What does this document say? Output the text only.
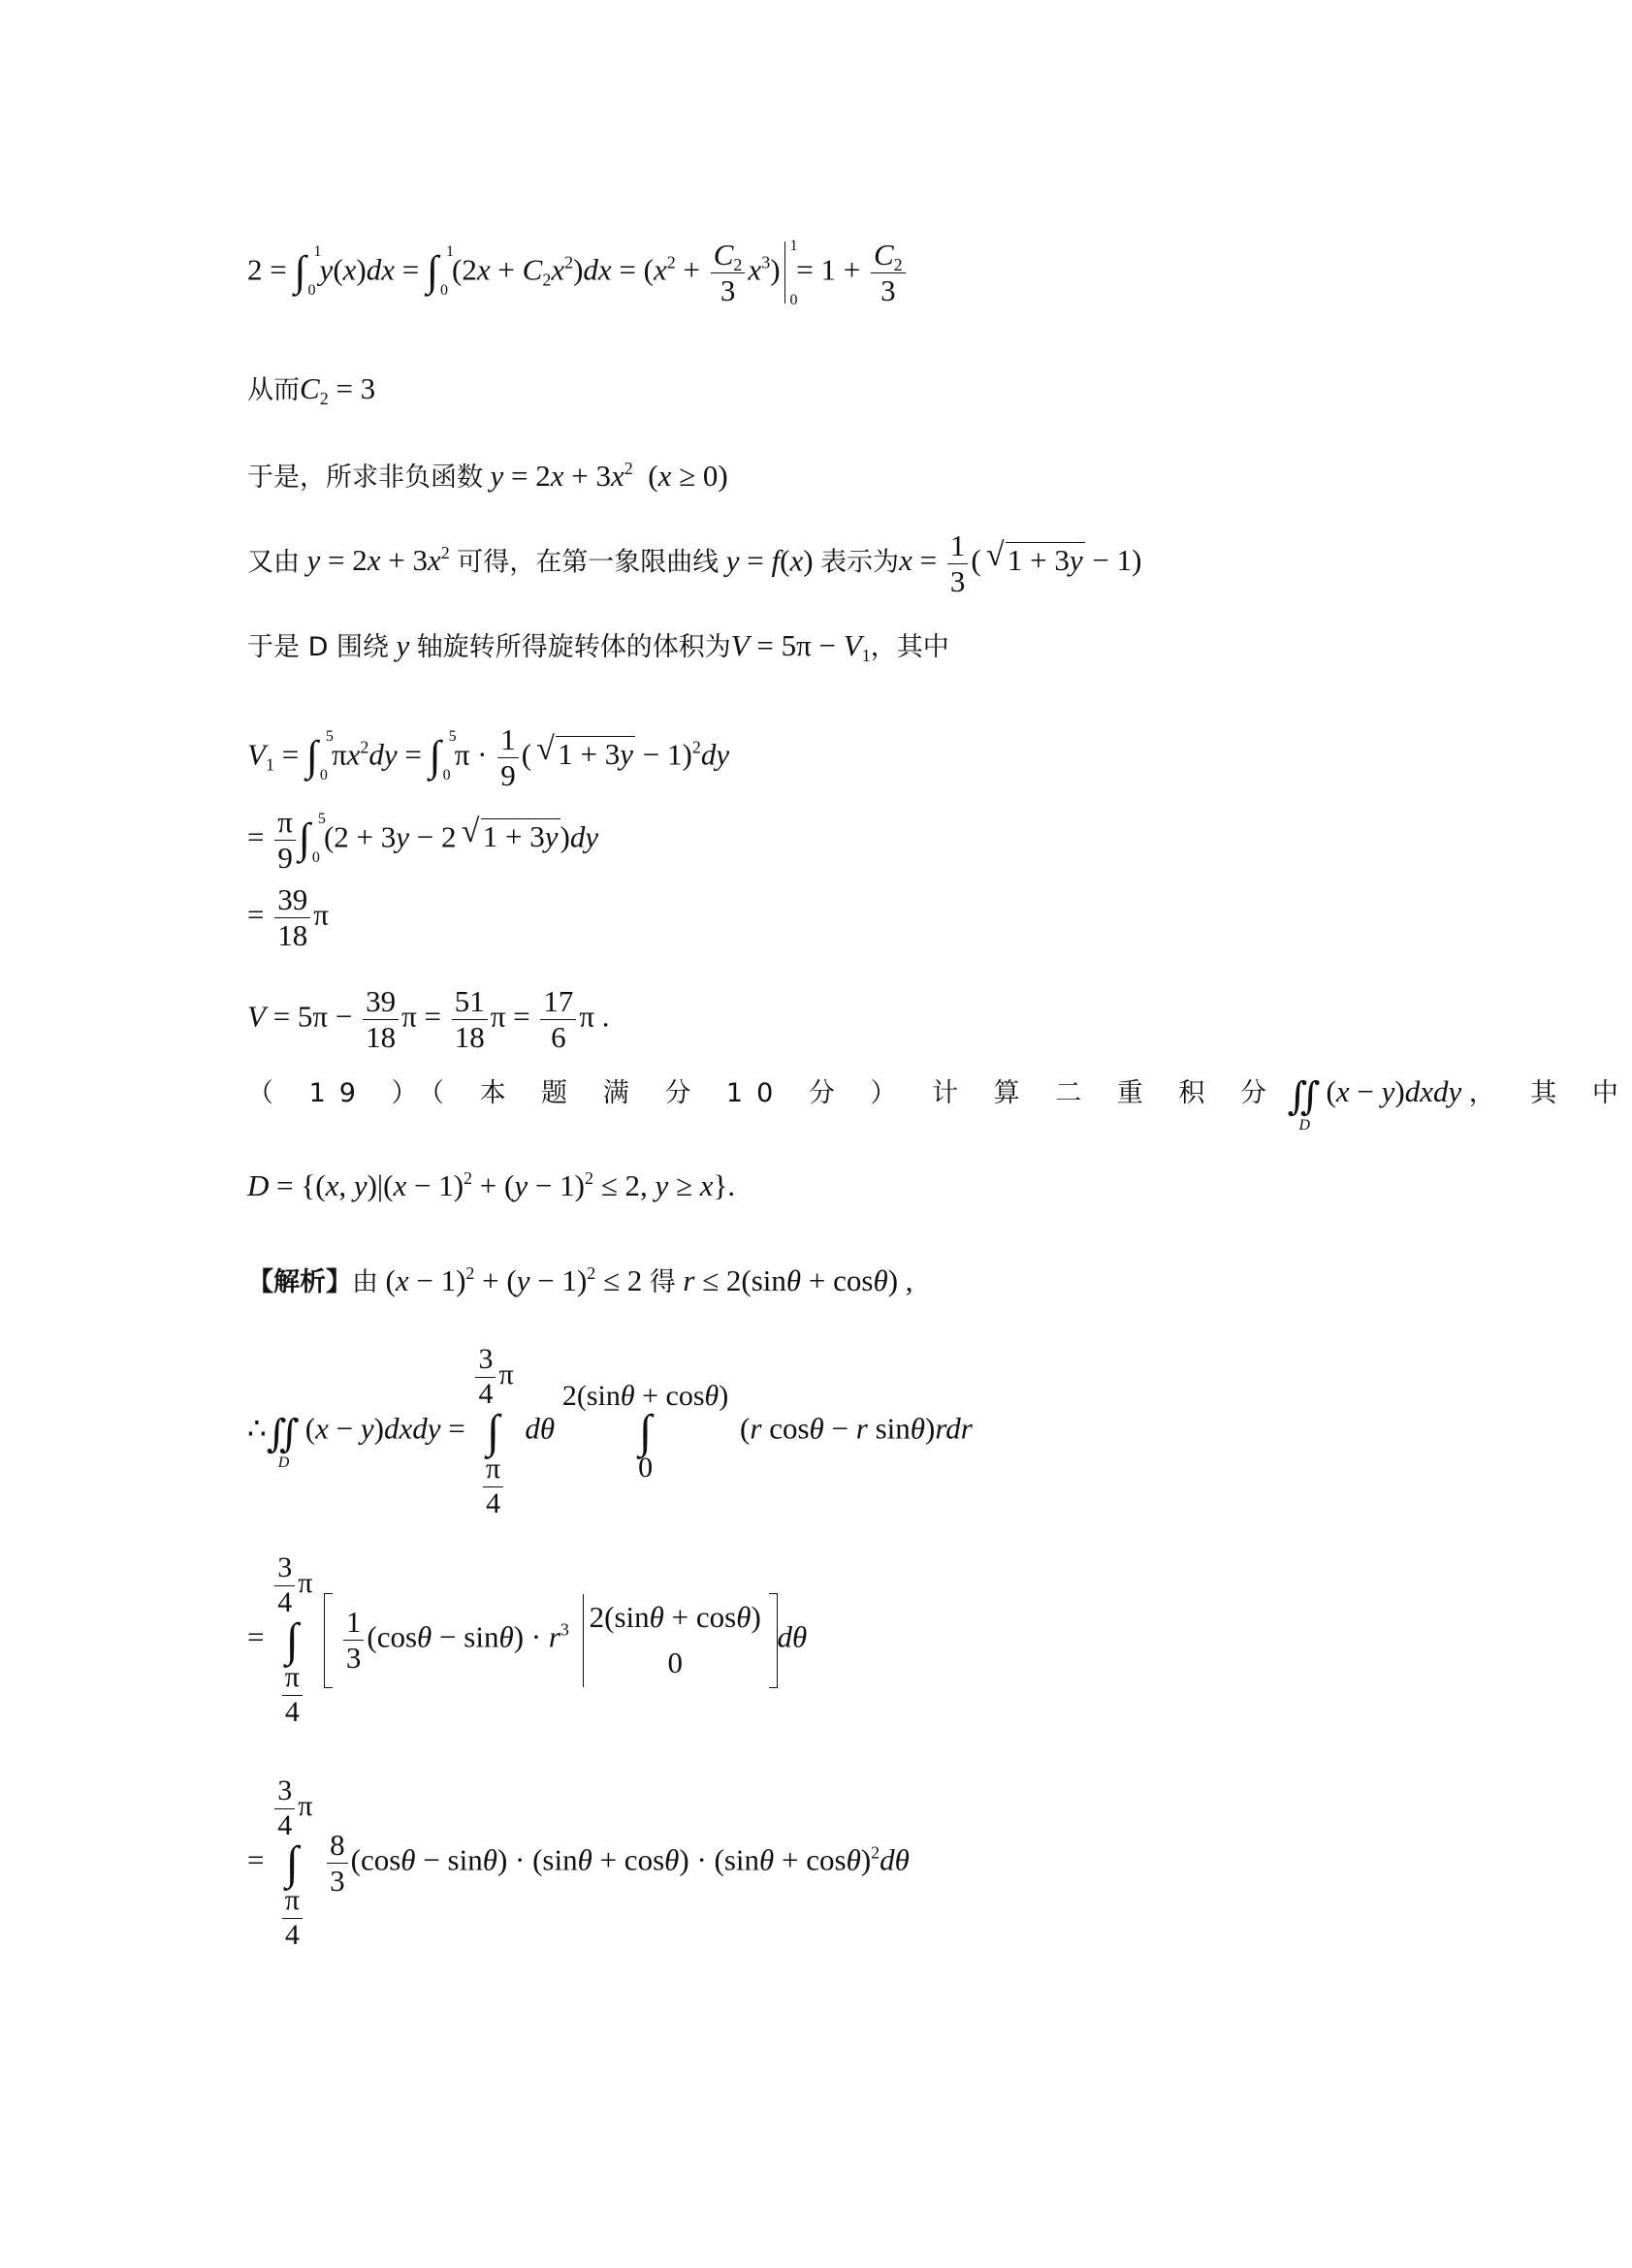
2 = ∫ 1
0
y(x)dx = ∫ 1
0
$(2x + C_2x^2)dx = (x^2 + \frac{C_2}{3} x^3)$
1
0
= $1 + \frac{C_2}{3}$
从而$C_2 = 3$
于是，所求非负函数 $y = 2x + 3x^2$  (x ≥ 0)
又由 $y = 2x + 3x^2$ 可得，在第一象限曲线 y = f(x) 表示为$x = \frac{1}{3}$ (   √ 1 + 3y − 1)
于是 D 围绕 y 轴旋转所得旋转体的体积为$V = 5\pi - V_1$，其中
$V_1$ = ∫ 5
0
$\pi x^2dy$ = ∫ 5
0
$\pi \cdot \frac{1}{9}$ (   √ 1 + 3y − 1)$^2$dy
= $\frac{\pi}{9}$ ∫ 5
0
(2 + 3y − 2   √ 1 + 3y)dy
= $\frac{39}{18}$ π
$V = 5\pi - \frac{39}{18}$ $\pi = \frac{51}{18}$ $\pi = \frac{17}{6}$ π .
（ 19 ）（ 本 题 满 分 10 分 ） 计 算 二 重 积 分 ∬
D
(x − y)dxdy ， 其 中
D = {(x, $y)|(x - 1)^2 + (y - 1)^2 \le 2$, y ≥ x}.
【解析】由 $(x - 1)^2 + (y - 1)^2 \le 2$ 得 r ≤ 2(sinθ + cosθ) ,
∴∬
D
(x − y)dxdy =
$\frac{3}{4}$ π
∫
$\frac{\pi}{4}$
dθ 2(sinθ + cosθ)
∫
0 (r cosθ − r sinθ)rdr
=
$\frac{3}{4}$ π
∫
$\frac{\pi}{4}$

$\frac{1}{3} (\cos\theta - \sin\theta) \cdot r^3$ 2(sinθ + cosθ)
0 dθ
=
$\frac{3}{4}$ π
∫
$\frac{\pi}{4}$

$\frac{8}{3} (\cos\theta - \sin\theta) \cdot (\sin\theta + \cos\theta) \cdot (\sin\theta + \cos\theta)^2d\theta$
